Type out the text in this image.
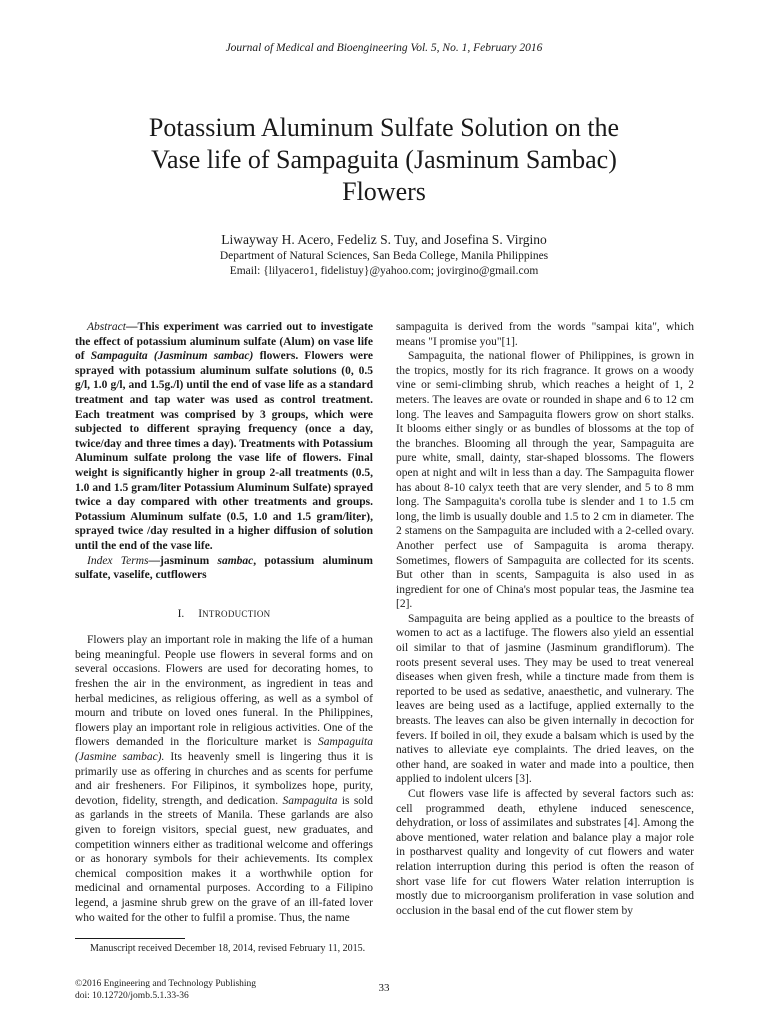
Journal of Medical and Bioengineering Vol. 5, No. 1, February 2016
Potassium Aluminum Sulfate Solution on the
Vase life of Sampaguita (Jasminum Sambac)
Flowers
Liwayway H. Acero, Fedeliz S. Tuy, and Josefina S. Virgino
Department of Natural Sciences, San Beda College, Manila Philippines
Email: {lilyacero1, fidelistuy}@yahoo.com; jovirgino@gmail.com

Abstract—This experiment was carried out to investigate the effect of potassium aluminum sulfate (Alum) on vase life of Sampaguita (Jasminum sambac) flowers. Flowers were sprayed with potassium aluminum sulfate solutions (0, 0.5 g/l, 1.0 g/l, and 1.5g./l) until the end of vase life as a standard treatment and tap water was used as control treatment. Each treatment was comprised by 3 groups, which were subjected to different spraying frequency (once a day, twice/day and three times a day). Treatments with Potassium Aluminum sulfate prolong the vase life of flowers. Final weight is significantly higher in group 2-all treatments (0.5, 1.0 and 1.5 gram/liter Potassium Aluminum Sulfate) sprayed twice a day compared with other treatments and groups. Potassium Aluminum sulfate (0.5, 1.0 and 1.5 gram/liter), sprayed twice /day resulted in a higher diffusion of solution until the end of the vase life.

Index Terms—jasminum sambac, potassium aluminum sulfate, vaselife, cutflowers

I. INTRODUCTION

Flowers play an important role in making the life of a human being meaningful. People use flowers in several forms and on several occasions. Flowers are used for decorating homes, to freshen the air in the environment, as ingredient in teas and herbal medicines, as religious offering, as well as a symbol of mourn and tribute on loved ones funeral. In the Philippines, flowers play an important role in religious activities. One of the flowers demanded in the floriculture market is Sampaguita (Jasmine sambac). Its heavenly smell is lingering thus it is primarily use as offering in churches and as scents for perfume and air fresheners. For Filipinos, it symbolizes hope, purity, devotion, fidelity, strength, and dedication. Sampaguita is sold as garlands in the streets of Manila. These garlands are also given to foreign visitors, special guest, new graduates, and competition winners either as traditional welcome and offerings or as honorary symbols for their achievements. Its complex chemical composition makes it a worthwhile option for medicinal and ornamental purposes. According to a Filipino legend, a jasmine shrub grew on the grave of an ill-fated lover who waited for the other to fulfil a promise. Thus, the name

sampaguita is derived from the words "sampai kita", which means "I promise you"[1].

Sampaguita, the national flower of Philippines, is grown in the tropics, mostly for its rich fragrance. It grows on a woody vine or semi-climbing shrub, which reaches a height of 1, 2 meters. The leaves are ovate or rounded in shape and 6 to 12 cm long. The leaves and Sampaguita flowers grow on short stalks. It blooms either singly or as bundles of blossoms at the top of the branches. Blooming all through the year, Sampaguita are pure white, small, dainty, star-shaped blossoms. The flowers open at night and wilt in less than a day. The Sampaguita flower has about 8-10 calyx teeth that are very slender, and 5 to 8 mm long. The Sampaguita's corolla tube is slender and 1 to 1.5 cm long, the limb is usually double and 1.5 to 2 cm in diameter. The 2 stamens on the Sampaguita are included with a 2-celled ovary. Another perfect use of Sampaguita is aroma therapy. Sometimes, flowers of Sampaguita are collected for its scents. But other than in scents, Sampaguita is also used in as ingredient for one of China's most popular teas, the Jasmine tea [2].

Sampaguita are being applied as a poultice to the breasts of women to act as a lactifuge. The flowers also yield an essential oil similar to that of jasmine (Jasminum grandiflorum). The roots present several uses. They may be used to treat venereal diseases when given fresh, while a tincture made from them is reported to be used as sedative, anaesthetic, and vulnerary. The leaves are being used as a lactifuge, applied externally to the breasts. The leaves can also be given internally in decoction for fevers. If boiled in oil, they exude a balsam which is used by the natives to alleviate eye complaints. The dried leaves, on the other hand, are soaked in water and made into a poultice, then applied to indolent ulcers [3].

Cut flowers vase life is affected by several factors such as: cell programmed death, ethylene induced senescence, dehydration, or loss of assimilates and substrates [4]. Among the above mentioned, water relation and balance play a major role in postharvest quality and longevity of cut flowers and water relation interruption during this period is often the reason of short vase life for cut flowers Water relation interruption is mostly due to microorganism proliferation in vase solution and occlusion in the basal end of the cut flower stem by

Manuscript received December 18, 2014, revised February 11, 2015.
©2016 Engineering and Technology Publishing
doi: 10.12720/jomb.5.1.33-36
33
